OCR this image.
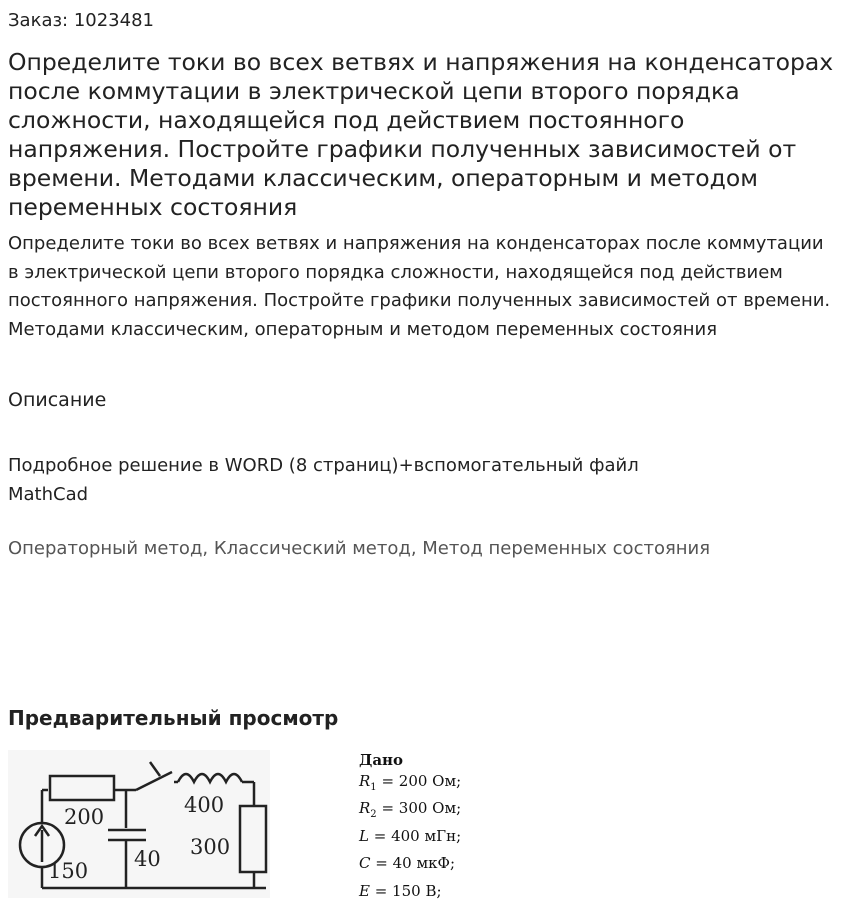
Заказ: 1023481
Определите токи во всех ветвях и напряжения на конденсаторах после коммутации в электрической цепи второго порядка сложности, находящейся под действием постоянного напряжения. Постройте графики полученных зависимостей от времени. Методами классическим, операторным и методом переменных состояния

Определите токи во всех ветвях и напряжения на конденсаторах после коммутации в электрической цепи второго порядка сложности, находящейся под действием постоянного напряжения. Постройте графики полученных зависимостей от времени. Методами классическим, операторным и методом переменных состояния

Описание
Подробное решение в WORD (8 страниц)+вспомогательный файл
MathCad
Операторный метод, Классический метод, Метод переменных состояния
Предварительный просмотр
200	400
40 300
150
Дано
$R_1 = 200$ Ом;
$R_2 = 300$ Ом;
L = 400 мГн;
C = 40 мкФ;
E = 150 В;
